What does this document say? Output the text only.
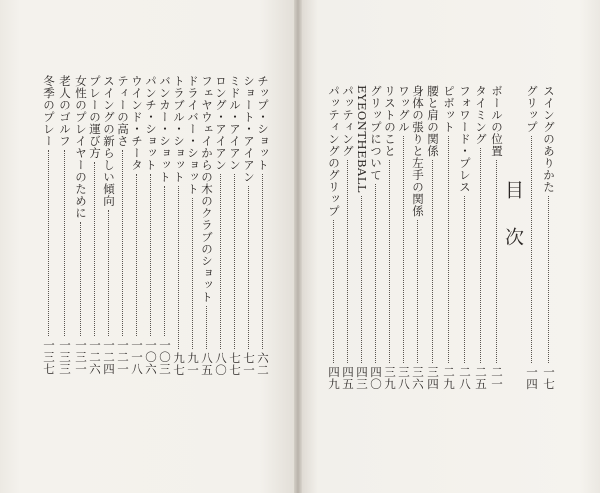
チップ・ショット
六二
ショート・アイアン
七一
ミドル・アイアン
七七
ロング・アイアン
八〇
フェヤウェイからの木のクラブのショット
八五
ドライバー・ショット
九一
トラブル・ショット
九七
バンカー・ショット
一〇三
パンチ・ショット
一〇六
ウインド・チータ
一一八
ティーの高さ
一二一
スイングの新らしい傾向
一二四
プレーの運び方
一二六
女性のプレイヤーのために
一三一
老人のゴルフ
一三三
冬季のプレー
一三七
目次
スイングのありかた
一七
グリップ
一四
ボールの位置
二一
タイミング
二五
フォワード・プレス
二八
ピボット
二九
腰と肩の関係
三四
身体の張りと左手の関係
三六
ワッグル
三八
リストのこと
三九
グリップについて
四〇
EYEONTHEBALL
四三
パッティング
四五
パッティングのグリップ
四九
